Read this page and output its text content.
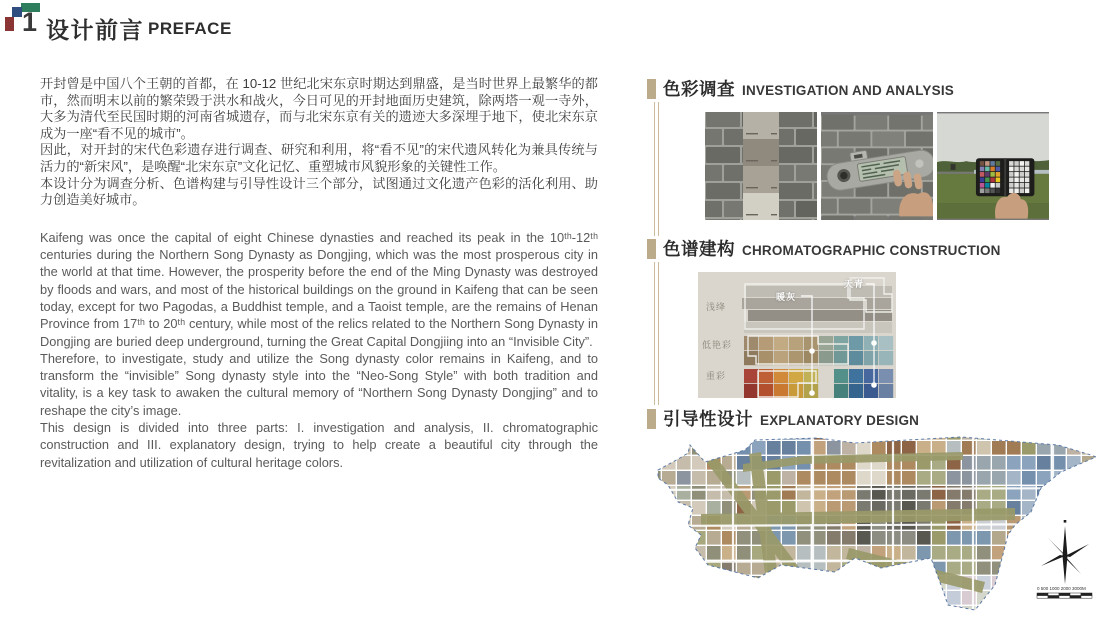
1 设计前言 PREFACE

开封曾是中国八个王朝的首都，在 10-12 世纪北宋东京时期达到鼎盛，是当时世界上最繁华的都市，然而明末以前的繁荣毁于洪水和战火，今日可见的开封地面历史建筑，除两塔一观一寺外，大多为清代至民国时期的河南省城遗存，而与北宋东京有关的遗迹大多深埋于地下，使北宋东京成为一座“看不见的城市”。

因此，对开封的宋代色彩遗存进行调查、研究和利用，将“看不见”的宋代遗风转化为兼具传统与活力的“新宋风”，是唤醒“北宋东京”文化记忆、重塑城市风貌形象的关键性工作。

本设计分为调查分析、色谱构建与引导性设计三个部分，试图通过文化遗产色彩的活化利用、助力创造美好城市。

Kaifeng was once the capital of eight Chinese dynasties and reached its peak in the 10ᵗʰ-12ᵗʰ centuries during the Northern Song Dynasty as Dongjing, which was the most prosperous city in the world at that time. However, the prosperity before the end of the Ming Dynasty was destroyed by floods and wars, and most of the historical buildings on the ground in Kaifeng that can be seen today, except for two Pagodas, a Buddhist temple, and a Taoist temple, are the remains of Henan Province from 17ᵗʰ to 20ᵗʰ century, while most of the relics related to the Northern Song Dynasty in Dongjing are buried deep underground, turning the Great Capital Dongjiing into an “Invisible City”.

Therefore, to investigate, study and utilize the Song dynasty color remains in Kaifeng, and to transform the “invisible” Song dynasty style into the “Neo-Song Style” with both tradition and vitality, is a key task to awaken the cultural memory of “Northern Song Dynasty Dongjing” and to reshape the city’s image.

This design is divided into three parts: I. investigation and analysis, II. chromatographic construction and III. explanatory design, trying to help create a beautiful city through the revitalization and utilization of cultural heritage colors.

色彩调查 INVESTIGATION AND ANALYSIS
色谱建构 CHROMATOGRAPHIC CONSTRUCTION
浅绛
低艳彩
重彩
暖灰
天青
引导性设计 EXPLANATORY DESIGN
0 500 1000 2000 3000M
